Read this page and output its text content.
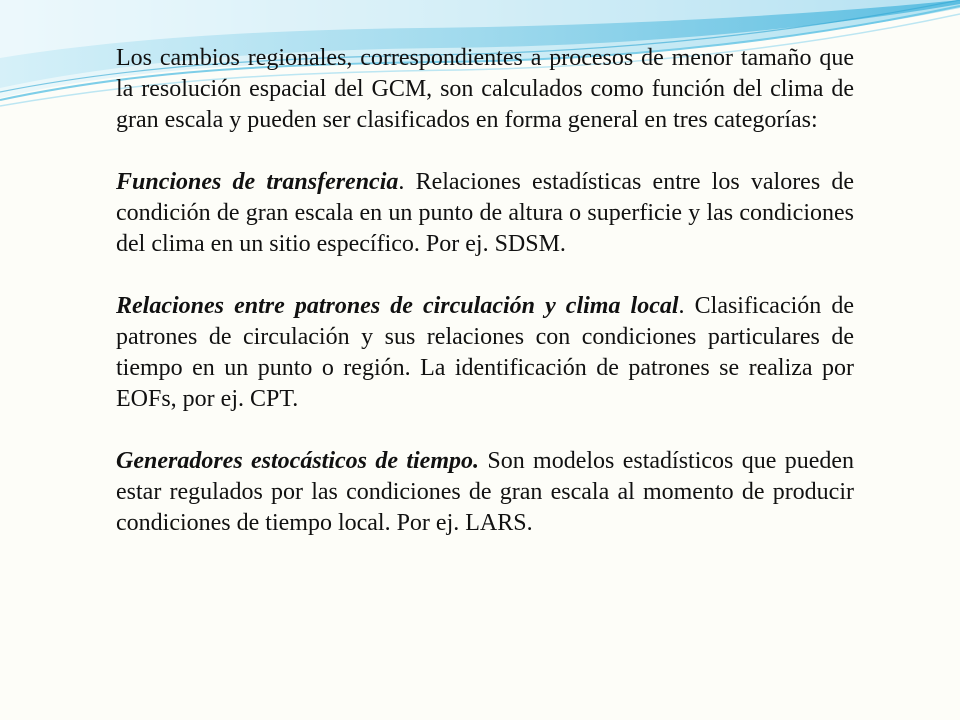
Los cambios regionales, correspondientes a procesos de menor tamaño que la resolución espacial del GCM, son calculados como función del clima de gran escala y pueden ser clasificados en forma general en tres categorías:

Funciones de transferencia. Relaciones estadísticas entre los valores de condición de gran escala en un punto de altura o superficie y las condiciones del clima en un sitio específico. Por ej. SDSM.

Relaciones entre patrones de circulación y clima local. Clasificación de patrones de circulación y sus relaciones con condiciones particulares de tiempo en un punto o región. La identificación de patrones se realiza por EOFs, por ej. CPT.

Generadores estocásticos de tiempo. Son modelos estadísticos que pueden estar regulados por las condiciones de gran escala al momento de producir condiciones de tiempo local. Por ej. LARS.
